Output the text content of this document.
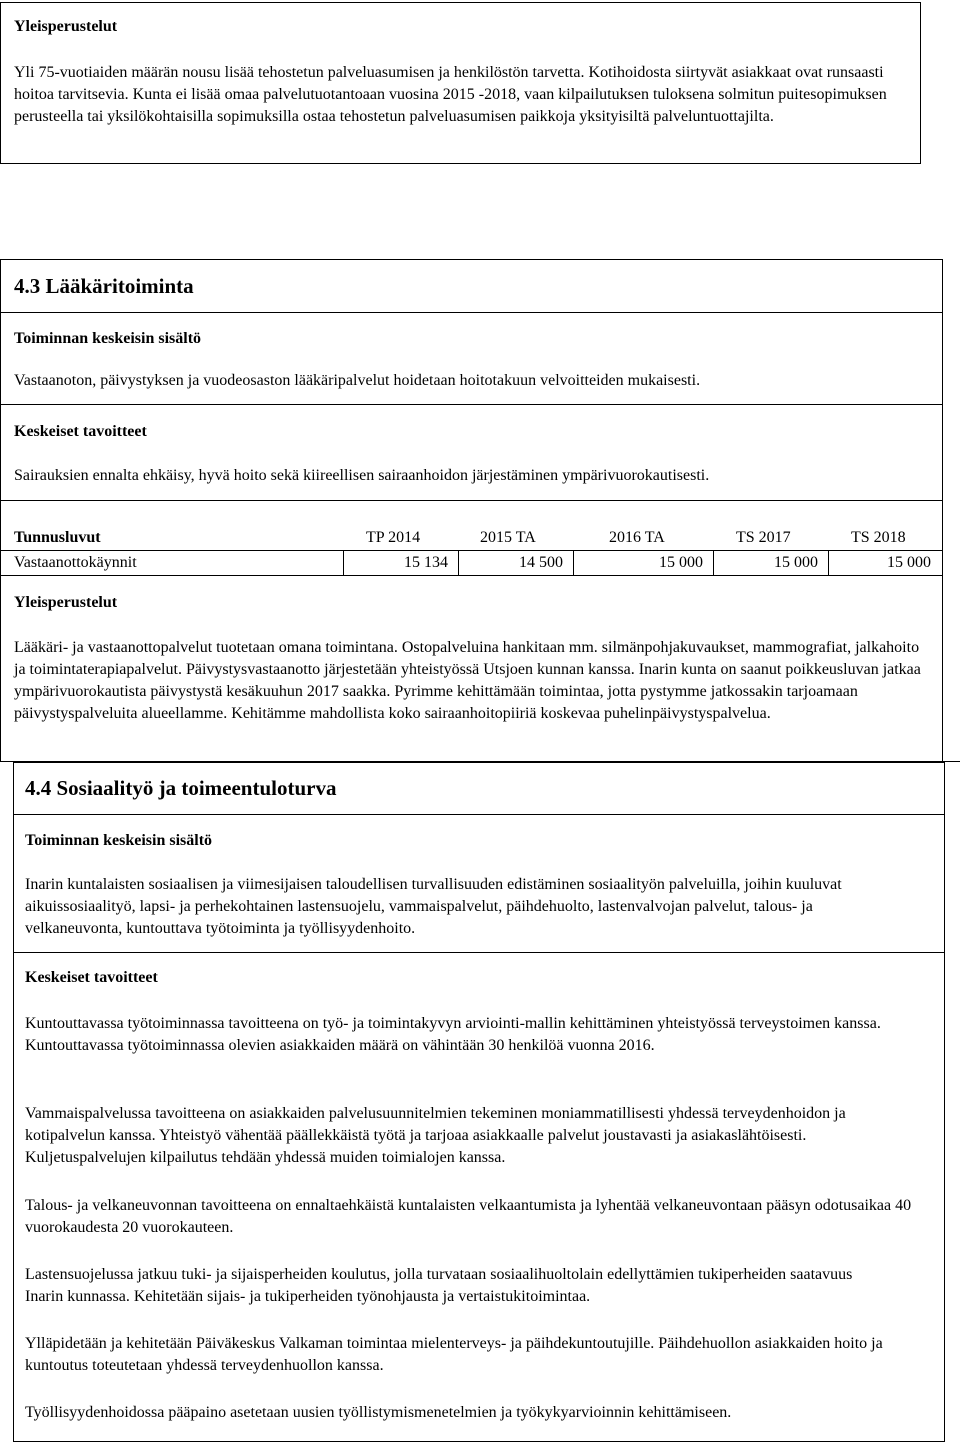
Yleisperustelut
Yli 75-vuotiaiden määrän nousu lisää tehostetun palveluasumisen ja henkilöstön tarvetta. Kotihoidosta siirtyvät asiakkaat ovat runsaasti hoitoa tarvitsevia. Kunta ei lisää omaa palvelutuotantoaan vuosina 2015 -2018, vaan kilpailutuksen tuloksena solmitun puitesopimuksen perusteella tai yksilökohtaisilla sopimuksilla ostaa tehostetun palveluasumisen paikkoja yksityisiltä palveluntuottajilta.
4.3 Lääkäritoiminta
Toiminnan keskeisin sisältö
Vastaanoton, päivystyksen ja vuodeosaston lääkäripalvelut hoidetaan hoitotakuun velvoitteiden mukaisesti.
Keskeiset tavoitteet
Sairauksien ennalta ehkäisy, hyvä hoito sekä kiireellisen sairaanhoidon järjestäminen ympärivuorokautisesti.
Tunnusluvut	TP 2014	2015 TA	2016 TA	TS 2017	TS 2018
Vastaanottokäynnit	15 134	14 500	15 000	15 000	15 000
Yleisperustelut
Lääkäri- ja vastaanottopalvelut tuotetaan omana toimintana. Ostopalveluina hankitaan mm. silmänpohjakuvaukset, mammografiat, jalkahoito ja toimintaterapiapalvelut. Päivystysvastaanotto järjestetään yhteistyössä Utsjoen kunnan kanssa. Inarin kunta on saanut poikkeusluvan jatkaa ympärivuorokautista päivystystä kesäkuuhun 2017 saakka. Pyrimme kehittämään toimintaa, jotta pystymme jatkossakin tarjoamaan päivystyspalveluita alueellamme. Kehitämme mahdollista koko sairaanhoitopiiriä koskevaa puhelinpäivystyspalvelua.
4.4 Sosiaalityö ja toimeentuloturva
Toiminnan keskeisin sisältö
Inarin kuntalaisten sosiaalisen ja viimesijaisen taloudellisen turvallisuuden edistäminen sosiaalityön palveluilla, joihin kuuluvat aikuissosiaalityö, lapsi- ja perhekohtainen lastensuojelu, vammaispalvelut, päihdehuolto, lastenvalvojan palvelut, talous- ja velkaneuvonta, kuntouttava työtoiminta ja työllisyydenhoito.
Keskeiset tavoitteet
Kuntouttavassa työtoiminnassa tavoitteena on työ- ja toimintakyvyn arviointi-mallin kehittäminen yhteistyössä terveystoimen kanssa. Kuntouttavassa työtoiminnassa olevien asiakkaiden määrä on vähintään 30 henkilöä vuonna 2016.
Vammaispalvelussa tavoitteena on asiakkaiden palvelusuunnitelmien tekeminen moniammatillisesti yhdessä terveydenhoidon ja kotipalvelun kanssa. Yhteistyö vähentää päällekkäistä työtä ja tarjoaa asiakkaalle palvelut joustavasti ja asiakaslähtöisesti. Kuljetuspalvelujen kilpailutus tehdään yhdessä muiden toimialojen kanssa.
Talous- ja velkaneuvonnan tavoitteena on ennaltaehkäistä kuntalaisten velkaantumista ja lyhentää velkaneuvontaan pääsyn odotusaikaa 40 vuorokaudesta 20 vuorokauteen.
Lastensuojelussa jatkuu tuki- ja sijaisperheiden koulutus, jolla turvataan sosiaalihuoltolain edellyttämien tukiperheiden saatavuus Inarin kunnassa. Kehitetään sijais- ja tukiperheiden työnohjausta ja vertaistukitoimintaa.
Ylläpidetään ja kehitetään Päiväkeskus Valkaman toimintaa mielenterveys- ja päihdekuntoutujille. Päihdehuollon asiakkaiden hoito ja kuntoutus toteutetaan yhdessä terveydenhuollon kanssa.
Työllisyydenhoidossa pääpaino asetetaan uusien työllistymismenetelmien ja työkykyarvioinnin kehittämiseen.
